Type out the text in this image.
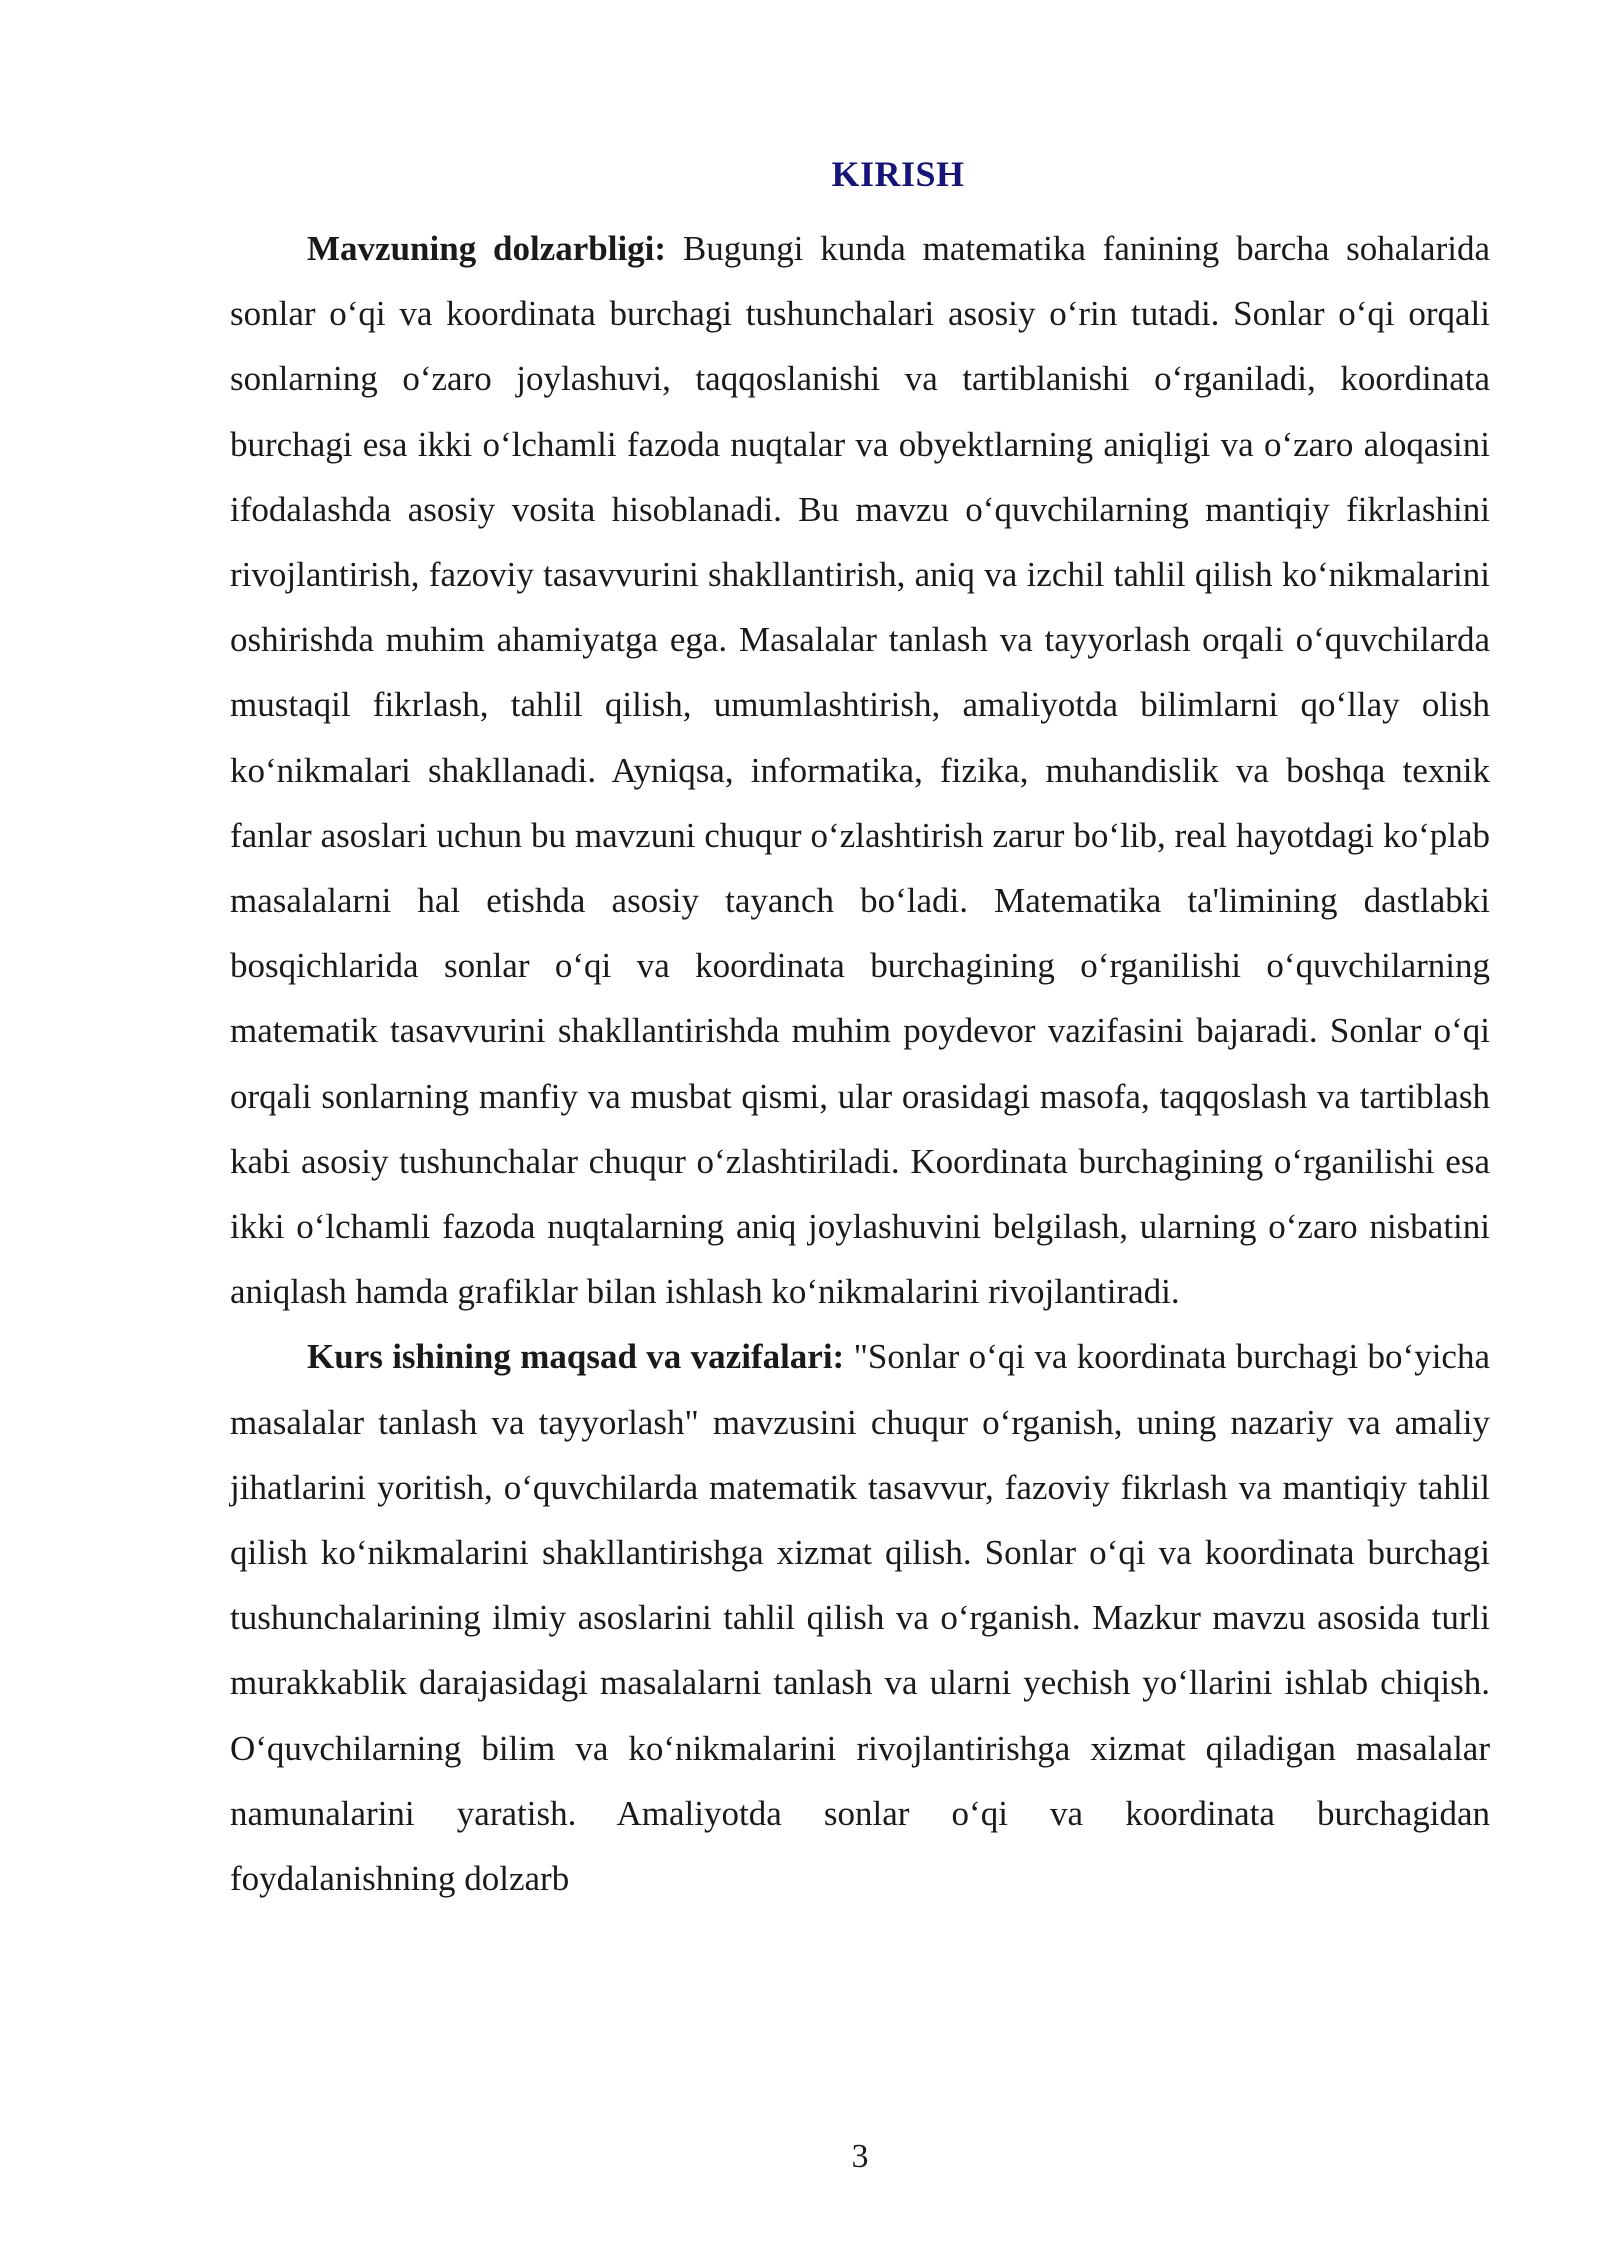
KIRISH

Mavzuning dolzarbligi: Bugungi kunda matematika fanining barcha sohalarida sonlar o‘qi va koordinata burchagi tushunchalari asosiy o‘rin tutadi. Sonlar o‘qi orqali sonlarning o‘zaro joylashuvi, taqqoslanishi va tartiblanishi o‘rganiladi, koordinata burchagi esa ikki o‘lchamli fazoda nuqtalar va obyektlarning aniqligi va o‘zaro aloqasini ifodalashda asosiy vosita hisoblanadi. Bu mavzu o‘quvchilarning mantiqiy fikrlashini rivojlantirish, fazoviy tasavvurini shakllantirish, aniq va izchil tahlil qilish ko‘nikmalarini oshirishda muhim ahamiyatga ega. Masalalar tanlash va tayyorlash orqali o‘quvchilarda mustaqil fikrlash, tahlil qilish, umumlashtirish, amaliyotda bilimlarni qo‘llay olish ko‘nikmalari shakllanadi. Ayniqsa, informatika, fizika, muhandislik va boshqa texnik fanlar asoslari uchun bu mavzuni chuqur o‘zlashtirish zarur bo‘lib, real hayotdagi ko‘plab masalalarni hal etishda asosiy tayanch bo‘ladi. Matematika ta'limining dastlabki bosqichlarida sonlar o‘qi va koordinata burchagining o‘rganilishi o‘quvchilarning matematik tasavvurini shakllantirishda muhim poydevor vazifasini bajaradi. Sonlar o‘qi orqali sonlarning manfiy va musbat qismi, ular orasidagi masofa, taqqoslash va tartiblash kabi asosiy tushunchalar chuqur o‘zlashtiriladi. Koordinata burchagining o‘rganilishi esa ikki o‘lchamli fazoda nuqtalarning aniq joylashuvini belgilash, ularning o‘zaro nisbatini aniqlash hamda grafiklar bilan ishlash ko‘nikmalarini rivojlantiradi.

Kurs ishining maqsad va vazifalari: "Sonlar o‘qi va koordinata burchagi bo‘yicha masalalar tanlash va tayyorlash" mavzusini chuqur o‘rganish, uning nazariy va amaliy jihatlarini yoritish, o‘quvchilarda matematik tasavvur, fazoviy fikrlash va mantiqiy tahlil qilish ko‘nikmalarini shakllantirishga xizmat qilish. Sonlar o‘qi va koordinata burchagi tushunchalarining ilmiy asoslarini tahlil qilish va o‘rganish. Mazkur mavzu asosida turli murakkablik darajasidagi masalalarni tanlash va ularni yechish yo‘llarini ishlab chiqish. O‘quvchilarning bilim va ko‘nikmalarini rivojlantirishga xizmat qiladigan masalalar namunalarini yaratish. Amaliyotda sonlar o‘qi va koordinata burchagidan foydalanishning dolzarb

3
